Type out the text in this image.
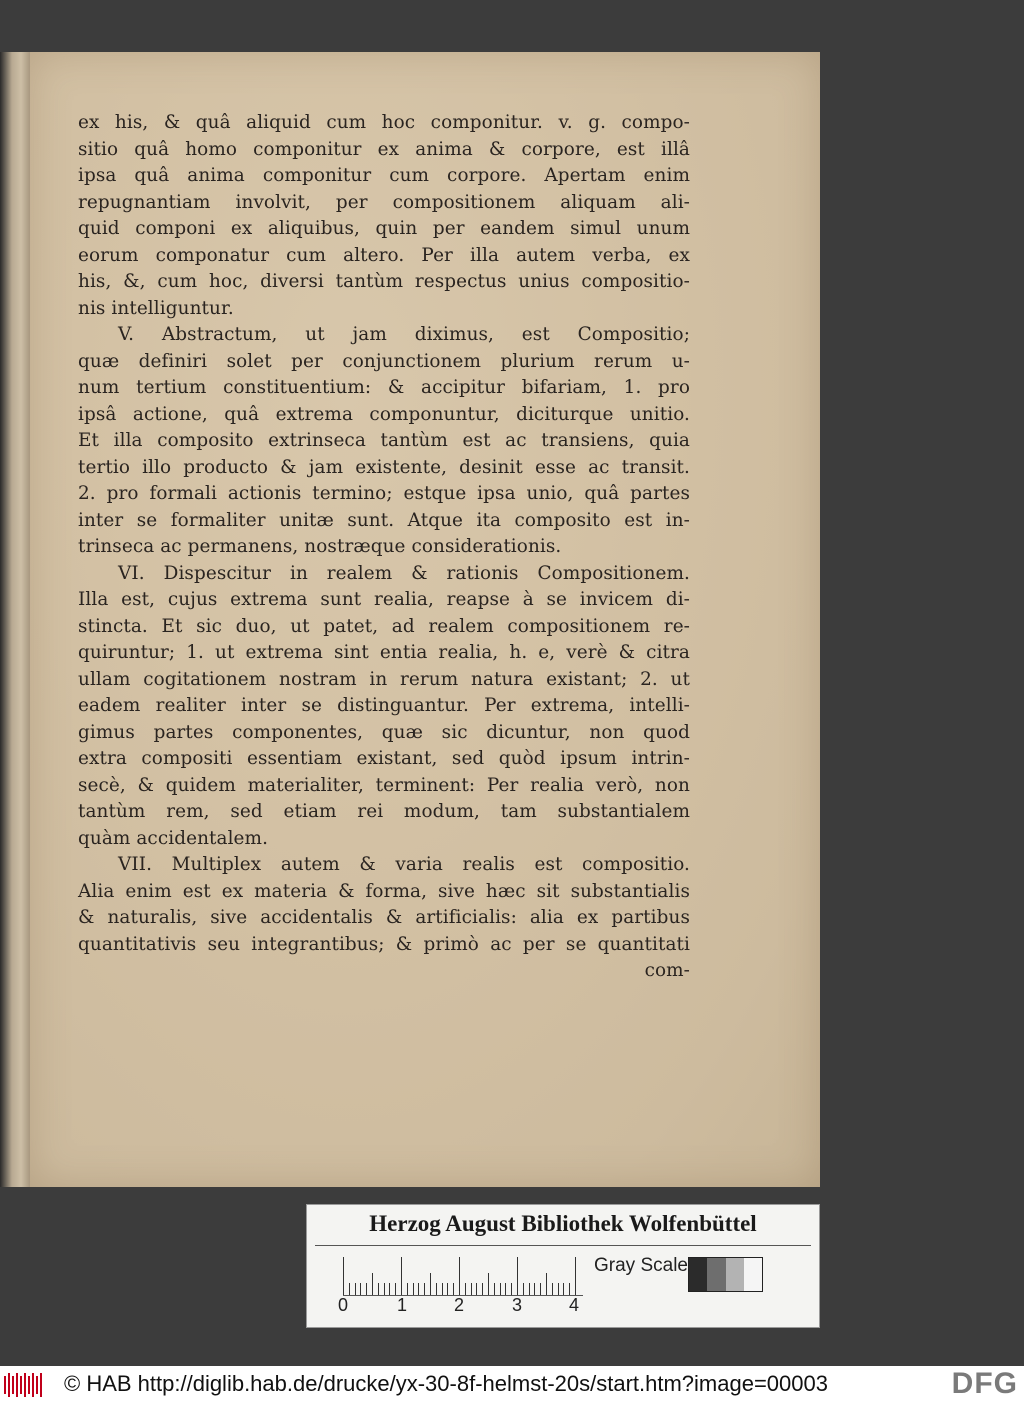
ex his, & quâ aliquid cum hoc componitur. v. g. compo-
sitio quâ homo componitur ex anima & corpore, est illâ
ipsa quâ anima componitur cum corpore. Apertam enim
repugnantiam involvit, per compositionem aliquam ali-
quid componi ex aliquibus, quin per eandem simul unum
eorum componatur cum altero. Per illa autem verba, ex
his, &, cum hoc, diversi tantùm respectus unius compositio-
nis intelliguntur.
V. Abstractum, ut jam diximus, est Compositio;
quæ definiri solet per conjunctionem plurium rerum u-
num tertium constituentium: & accipitur bifariam, 1. pro
ipsâ actione, quâ extrema componuntur, diciturque unitio.
Et illa composito extrinseca tantùm est ac transiens, quia
tertio illo producto & jam existente, desinit esse ac transit.
2. pro formali actionis termino; estque ipsa unio, quâ partes
inter se formaliter unitæ sunt. Atque ita composito est in-
trinseca ac permanens, nostræque considerationis.
VI. Dispescitur in realem & rationis Compositionem.
Illa est, cujus extrema sunt realia, reapse à se invicem di-
stincta. Et sic duo, ut patet, ad realem compositionem re-
quiruntur; 1. ut extrema sint entia realia, h. e, verè & citra
ullam cogitationem nostram in rerum natura existant; 2. ut
eadem realiter inter se distinguantur. Per extrema, intelli-
gimus partes componentes, quæ sic dicuntur, non quod
extra compositi essentiam existant, sed quòd ipsum intrin-
secè, & quidem materialiter, terminent: Per realia verò, non
tantùm rem, sed etiam rei modum, tam substantialem
quàm accidentalem.
VII. Multiplex autem & varia realis est compositio.
Alia enim est ex materia & forma, sive hæc sit substantialis
& naturalis, sive accidentalis & artificialis: alia ex partibus
quantitativis seu integrantibus; & primò ac per se quantitati
com-
Herzog August Bibliothek Wolfenbüttel
0	1	2	3	4
Gray Scale
© HAB http://diglib.hab.de/drucke/yx-30-8f-helmst-20s/start.htm?image=00003	DFG
